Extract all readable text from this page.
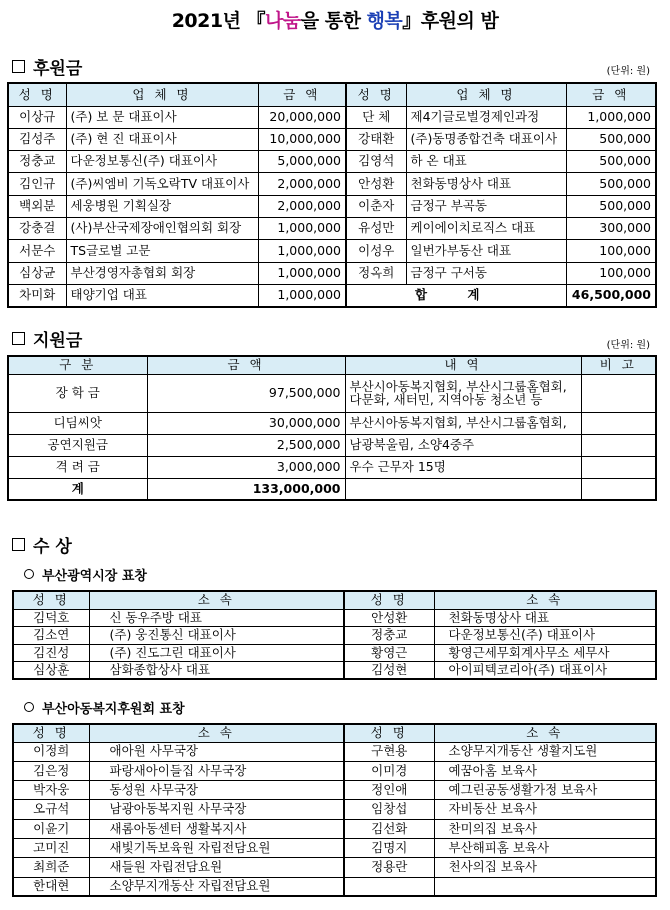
2021년 『나눔을 통한 행복』후원의 밤
후원금	(단위: 원)
성 명	업 체 명	금 액	성 명	업 체 명	금 액
이상규	(주) 보 문 대표이사	20,000,000	단 체	제4기글로벌경제인과정	1,000,000
김성주	(주) 현 진 대표이사	10,000,000	강태환	(주)동명종합건축 대표이사	500,000
정충교	다운정보통신(주) 대표이사	5,000,000	김영석	하 온 대표	500,000
김인규	(주)씨엠비 기독오락TV 대표이사	2,000,000	안성환	천화동명상사 대표	500,000
백외분	세웅병원 기획실장	2,000,000	이춘자	금정구 부곡동	500,000
강충걸	(사)부산국제장애인협의회 회장	1,000,000	유성만	케이에이치로직스 대표	300,000
서문수	TS글로벌 고문	1,000,000	이성우	일번가부동산 대표	100,000
심상균	부산경영자총협회 회장	1,000,000	정옥희	금정구 구서동	100,000
차미화	태양기업 대표	1,000,000	합 계		46,500,000
지원금	(단위: 원)
구 분	금 액	내 역	비 고
장 학 금	97,500,000	부산시아동복지협회, 부산시그룹홈협회, 다문화, 새터민, 지역아동 청소년 등	
디딤씨앗	30,000,000	부산시아동복지협회, 부산시그룹홈협회,	
공연지원금	2,500,000	남광북울림, 소양4중주	
격 려 금	3,000,000	우수 근무자 15명	
계	133,000,000		
수 상
부산광역시장 표창
성 명	소 속	성 명	소 속
김덕호	신 동우주방 대표	안성환	천화동명상사 대표
김소연	(주) 웅진통신 대표이사	정충교	다운정보통신(주) 대표이사
김진성	(주) 진도그린 대표이사	황영근	황영근세무회계사무소 세무사
심상훈	삼화종합상사 대표	김성현	아이피텍코리아(주) 대표이사
부산아동복지후원회 표창
성 명	소 속	성 명	소 속
이정희	애아원 사무국장	구현용	소양무지개동산 생활지도원
김은정	파랑새아이들집 사무국장	이미경	예꿈아홈 보육사
박자웅	동성원 사무국장	정인애	예그린공동생활가정 보육사
오규석	남광아동복지원 사무국장	임창섭	자비동산 보육사
이윤기	새롬아동센터 생활복지사	김선화	찬미의집 보육사
고미진	새빛기독보육원 자립전담요원	김명지	부산해피홈 보육사
최희준	새들원 자립전담요원	정용란	천사의집 보육사
한대현	소양무지개동산 자립전담요원		
